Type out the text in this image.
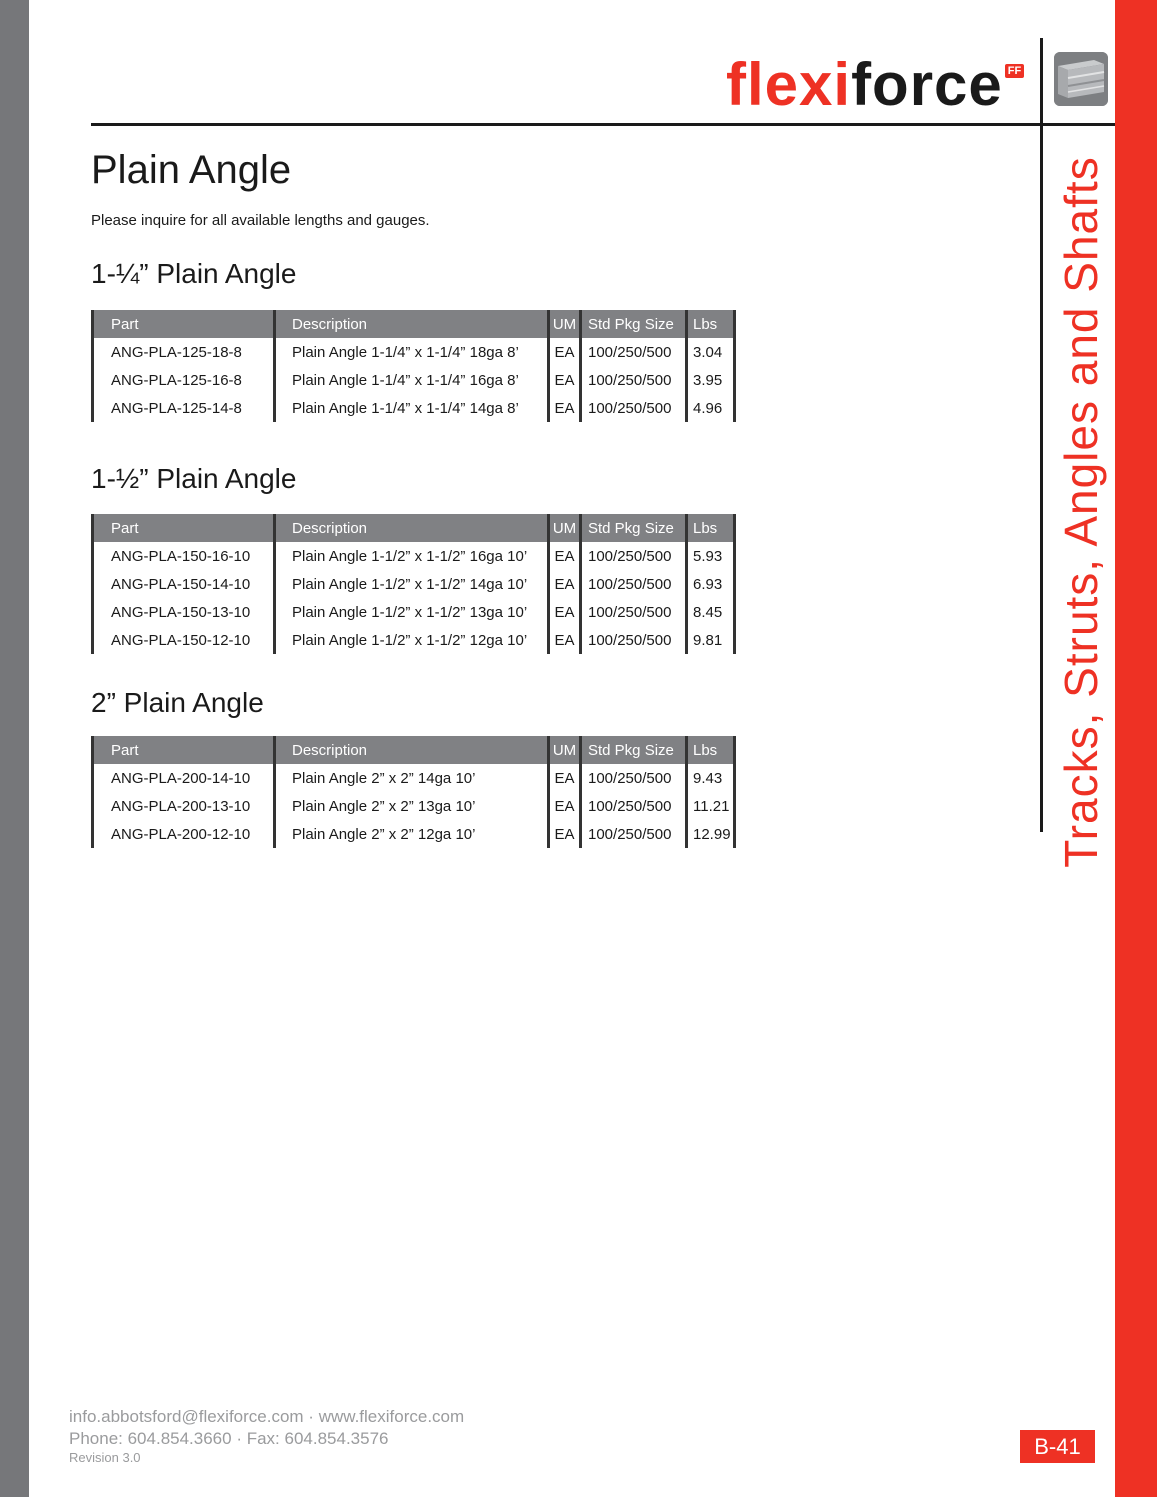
flexi force FF
Tracks, Struts, Angles and Shafts
Plain Angle
Please inquire for all available lengths and gauges.
1-¼” Plain Angle
Part	Description	UM	Std Pkg Size	Lbs
ANG-PLA-125-18-8	Plain Angle 1-1/4” x 1-1/4” 18ga 8’	EA	100/250/500	3.04
ANG-PLA-125-16-8	Plain Angle 1-1/4” x 1-1/4” 16ga 8’	EA	100/250/500	3.95
ANG-PLA-125-14-8	Plain Angle 1-1/4” x 1-1/4” 14ga 8’	EA	100/250/500	4.96
1-½” Plain Angle
Part	Description	UM	Std Pkg Size	Lbs
ANG-PLA-150-16-10	Plain Angle 1-1/2” x 1-1/2” 16ga 10’	EA	100/250/500	5.93
ANG-PLA-150-14-10	Plain Angle 1-1/2” x 1-1/2” 14ga 10’	EA	100/250/500	6.93
ANG-PLA-150-13-10	Plain Angle 1-1/2” x 1-1/2” 13ga 10’	EA	100/250/500	8.45
ANG-PLA-150-12-10	Plain Angle 1-1/2” x 1-1/2” 12ga 10’	EA	100/250/500	9.81
2” Plain Angle
Part	Description	UM	Std Pkg Size	Lbs
ANG-PLA-200-14-10	Plain Angle 2” x 2” 14ga 10’	EA	100/250/500	9.43
ANG-PLA-200-13-10	Plain Angle 2” x 2” 13ga 10’	EA	100/250/500	11.21
ANG-PLA-200-12-10	Plain Angle 2” x 2” 12ga 10’	EA	100/250/500	12.99
info.abbotsford@flexiforce.com · www.flexiforce.com
Phone: 604.854.3660 · Fax: 604.854.3576
Revision 3.0	B-41
